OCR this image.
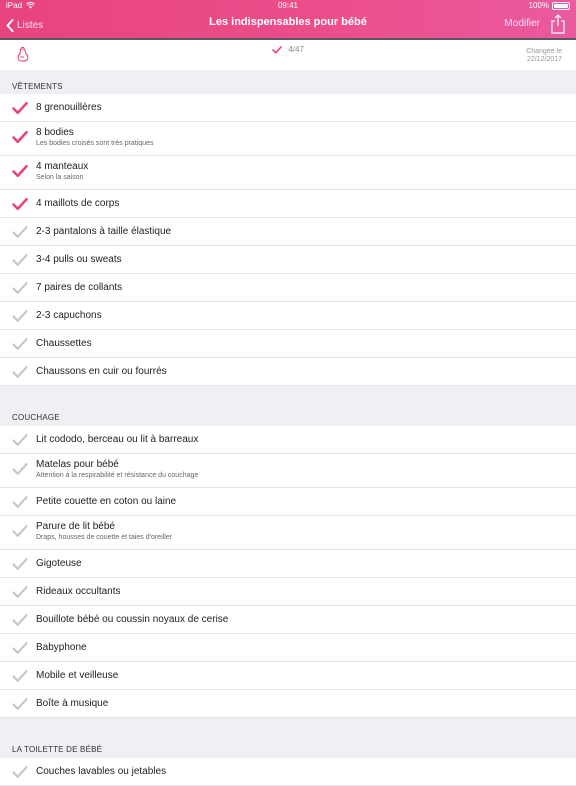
iPad	09:41	100%
Listes	Les indispensables pour bébé	Modifier
4/47	Changée le
22/12/2017
VÊTEMENTS
8 grenouillères
8 bodies
Les bodies croisés sont très pratiques
4 manteaux
Selon la saison
4 maillots de corps
2-3 pantalons à taille élastique
3-4 pulls ou sweats
7 paires de collants
2-3 capuchons
Chaussettes
Chaussons en cuir ou fourrés
COUCHAGE
Lit cododo, berceau ou lit à barreaux
Matelas pour bébé
Attention à la respirabilité et résistance du couchage
Petite couette en coton ou laine
Parure de lit bébé
Draps, housses de couette et taies d'oreiller
Gigoteuse
Rideaux occultants
Bouillote bébé ou coussin noyaux de cerise
Babyphone
Mobile et veilleuse
Boîte à musique
LA TOILETTE DE BÉBÉ
Couches lavables ou jetables
